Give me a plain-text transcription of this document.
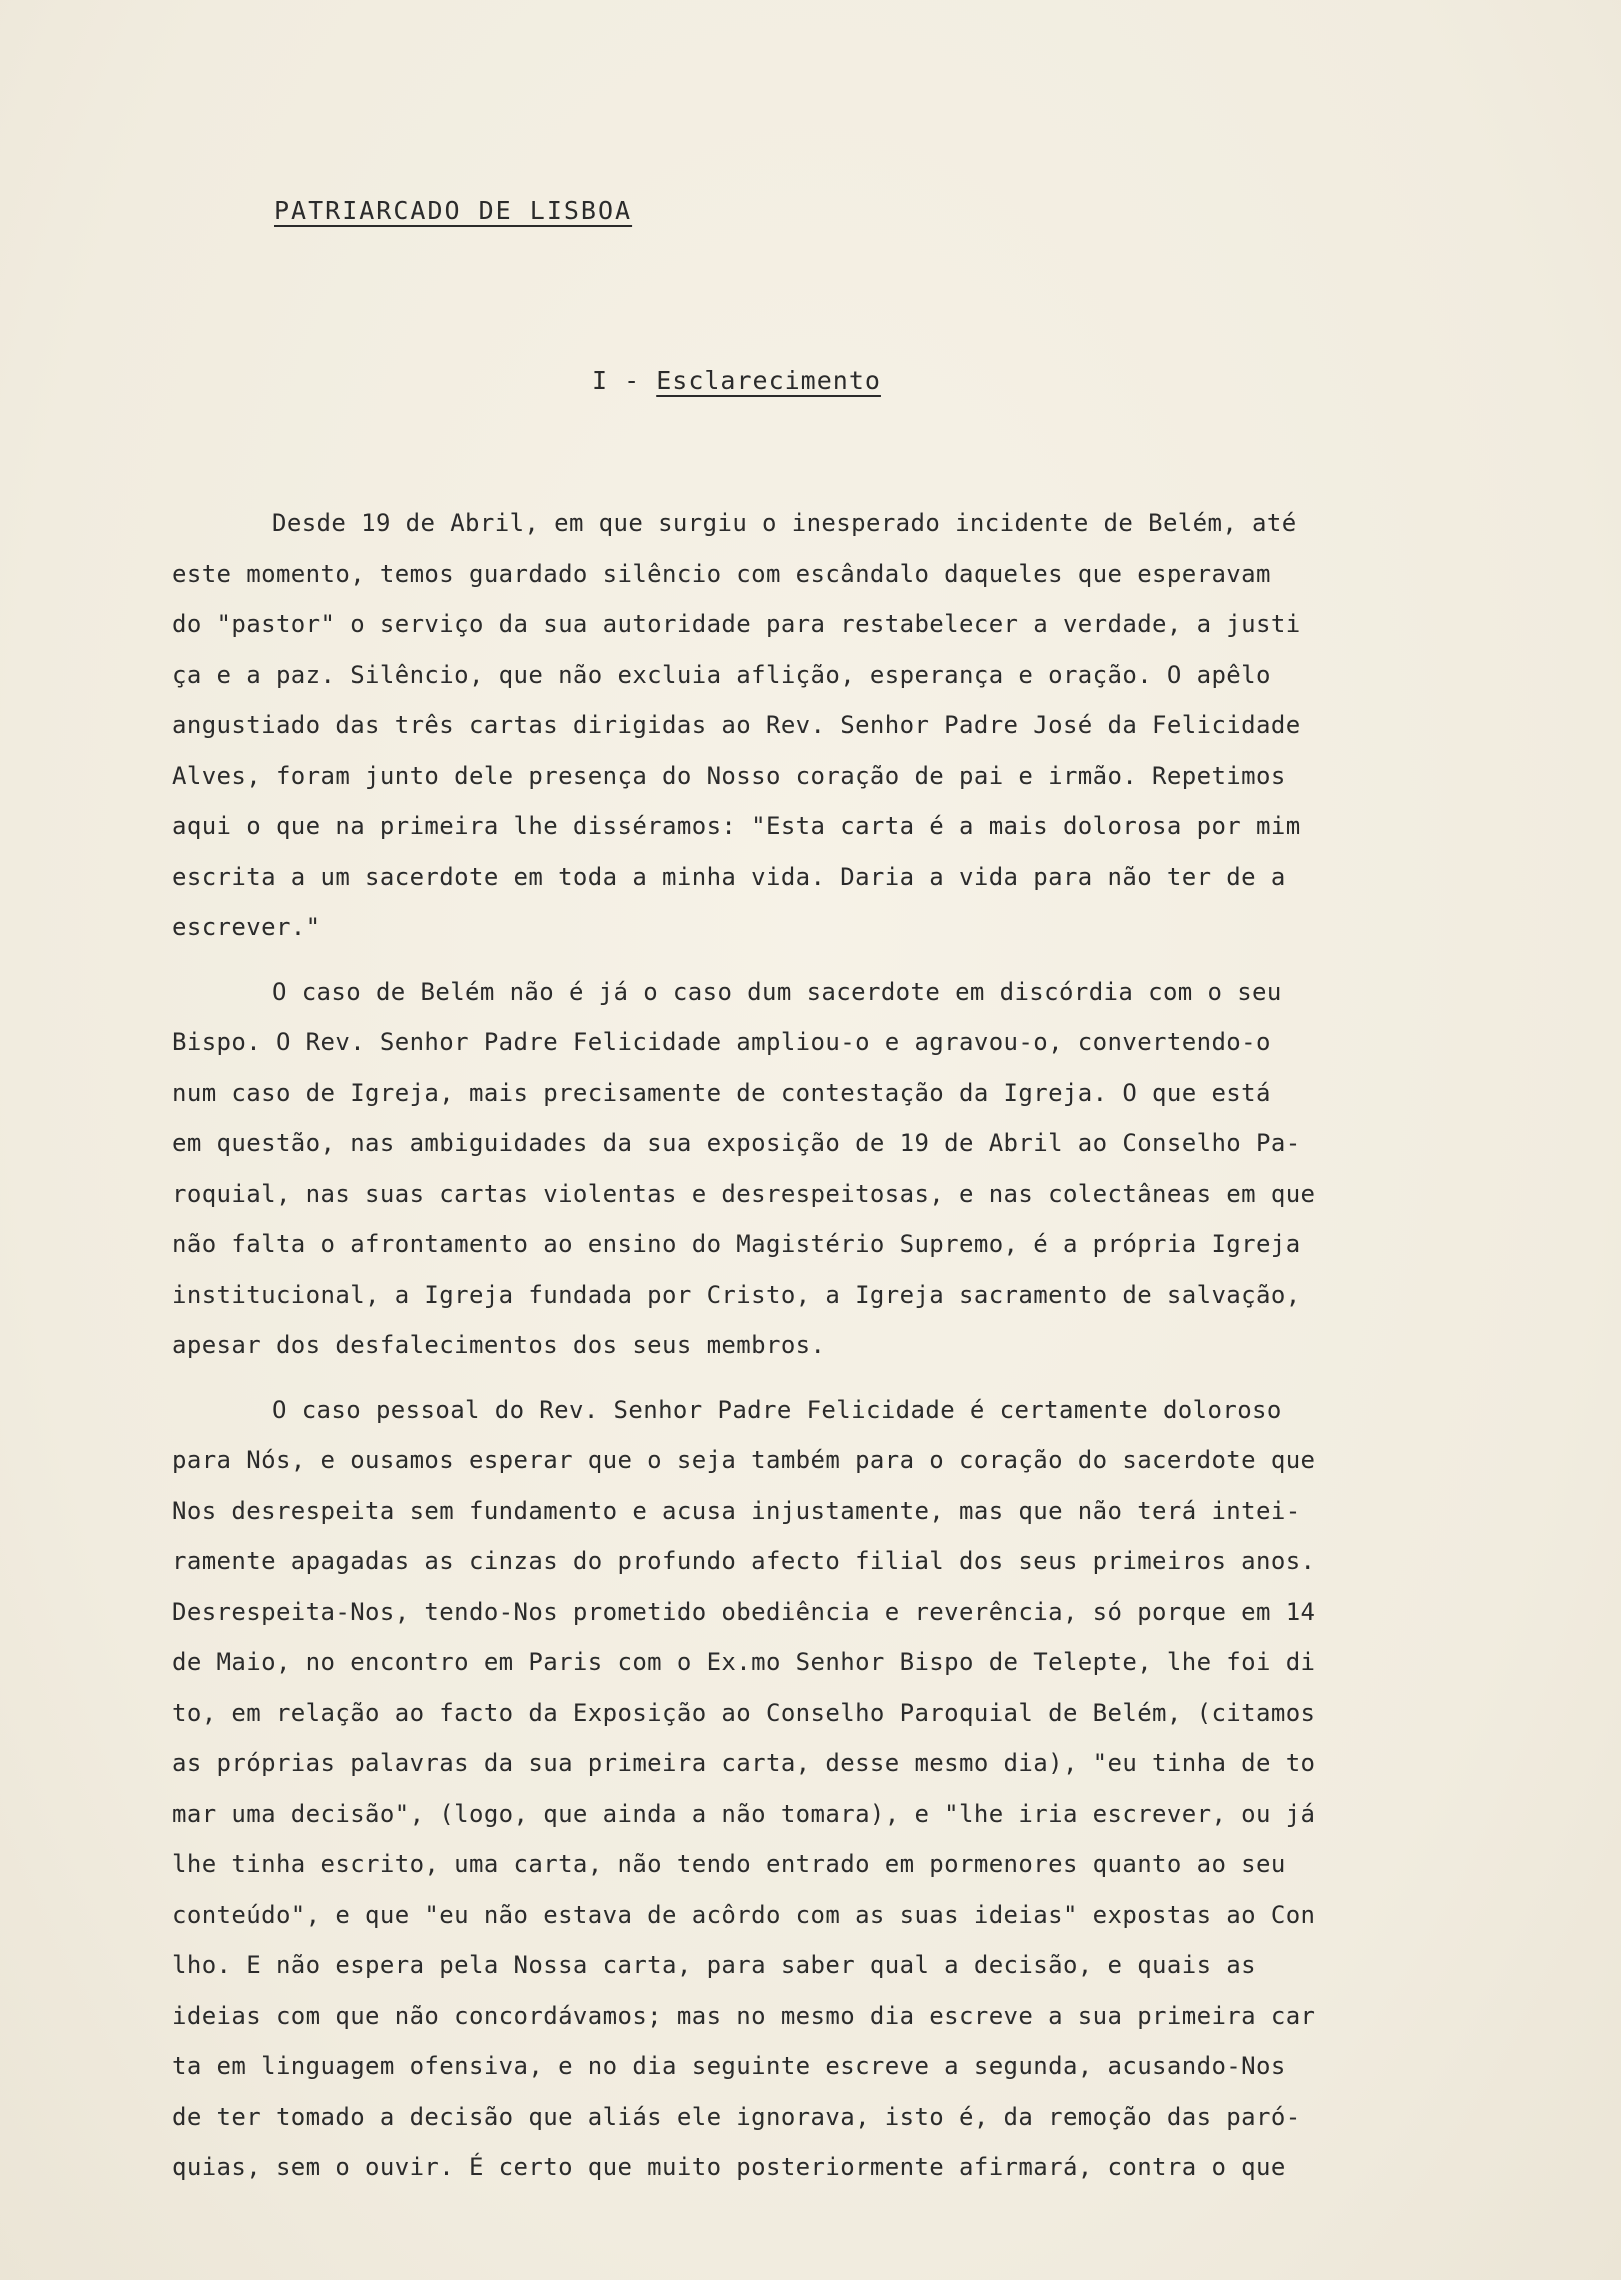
PATRIARCADO DE LISBOA
I - Esclarecimento
Desde 19 de Abril, em que surgiu o inesperado incidente de Belém, até
este momento, temos guardado silêncio com escândalo daqueles que esperavam
do "pastor" o serviço da sua autoridade para restabelecer a verdade, a justi
ça e a paz. Silêncio, que não excluia aflição, esperança e oração. O apêlo
angustiado das três cartas dirigidas ao Rev. Senhor Padre José da Felicidade
Alves, foram junto dele presença do Nosso coração de pai e irmão. Repetimos
aqui o que na primeira lhe disséramos: "Esta carta é a mais dolorosa por mim
escrita a um sacerdote em toda a minha vida. Daria a vida para não ter de a
escrever."
O caso de Belém não é já o caso dum sacerdote em discórdia com o seu
Bispo. O Rev. Senhor Padre Felicidade ampliou-o e agravou-o, convertendo-o
num caso de Igreja, mais precisamente de contestação da Igreja. O que está
em questão, nas ambiguidades da sua exposição de 19 de Abril ao Conselho Pa-
roquial, nas suas cartas violentas e desrespeitosas, e nas colectâneas em que
não falta o afrontamento ao ensino do Magistério Supremo, é a própria Igreja
institucional, a Igreja fundada por Cristo, a Igreja sacramento de salvação,
apesar dos desfalecimentos dos seus membros.
O caso pessoal do Rev. Senhor Padre Felicidade é certamente doloroso
para Nós, e ousamos esperar que o seja também para o coração do sacerdote que
Nos desrespeita sem fundamento e acusa injustamente, mas que não terá intei-
ramente apagadas as cinzas do profundo afecto filial dos seus primeiros anos.
Desrespeita-Nos, tendo-Nos prometido obediência e reverência, só porque em 14
de Maio, no encontro em Paris com o Ex.mo Senhor Bispo de Telepte, lhe foi di
to, em relação ao facto da Exposição ao Conselho Paroquial de Belém, (citamos
as próprias palavras da sua primeira carta, desse mesmo dia), "eu tinha de to
mar uma decisão", (logo, que ainda a não tomara), e "lhe iria escrever, ou já
lhe tinha escrito, uma carta, não tendo entrado em pormenores quanto ao seu
conteúdo", e que "eu não estava de acôrdo com as suas ideias" expostas ao Con
lho. E não espera pela Nossa carta, para saber qual a decisão, e quais as
ideias com que não concordávamos; mas no mesmo dia escreve a sua primeira car
ta em linguagem ofensiva, e no dia seguinte escreve a segunda, acusando-Nos
de ter tomado a decisão que aliás ele ignorava, isto é, da remoção das paró-
quias, sem o ouvir. É certo que muito posteriormente afirmará, contra o que
